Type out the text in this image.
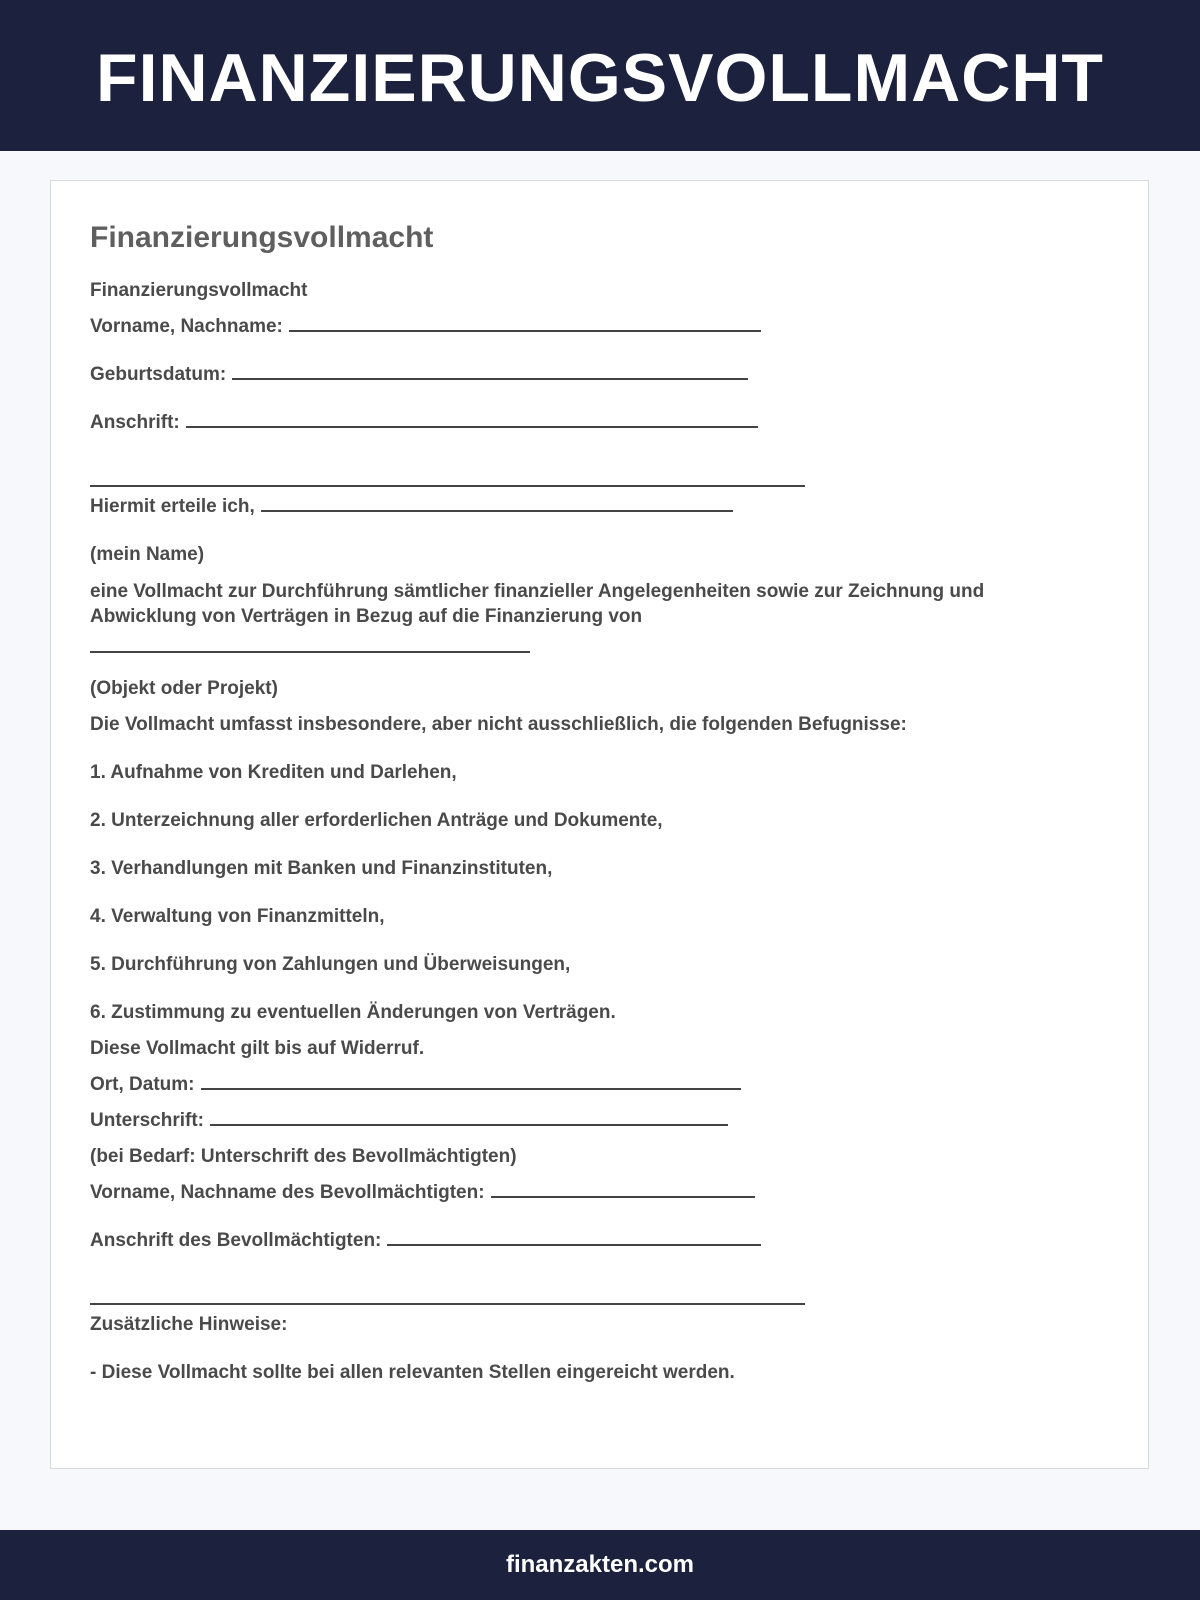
FINANZIERUNGSVOLLMACHT
Finanzierungsvollmacht
Finanzierungsvollmacht
Vorname, Nachname:
Geburtsdatum:
Anschrift:
Hiermit erteile ich,
(mein Name)
eine Vollmacht zur Durchführung sämtlicher finanzieller Angelegenheiten sowie zur Zeichnung und Abwicklung von Verträgen in Bezug auf die Finanzierung von
(Objekt oder Projekt)
Die Vollmacht umfasst insbesondere, aber nicht ausschließlich, die folgenden Befugnisse:
1. Aufnahme von Krediten und Darlehen,
2. Unterzeichnung aller erforderlichen Anträge und Dokumente,
3. Verhandlungen mit Banken und Finanzinstituten,
4. Verwaltung von Finanzmitteln,
5. Durchführung von Zahlungen und Überweisungen,
6. Zustimmung zu eventuellen Änderungen von Verträgen.
Diese Vollmacht gilt bis auf Widerruf.
Ort, Datum:
Unterschrift:
(bei Bedarf: Unterschrift des Bevollmächtigten)
Vorname, Nachname des Bevollmächtigten:
Anschrift des Bevollmächtigten:
Zusätzliche Hinweise:
- Diese Vollmacht sollte bei allen relevanten Stellen eingereicht werden.
finanzakten.com
